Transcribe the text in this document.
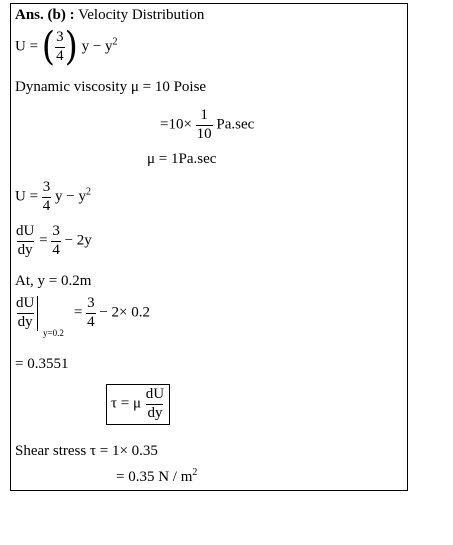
Ans. (b) : Velocity Distribution
U = ( $\frac{3}{4}$ ) $y - y^2$
Dynamic viscosity μ = 10 Poise
$=10\times \frac{1}{10} Pa.\sec$
μ = 1Pa.sec
$U = \frac{3}{4}$ $y - y^2$
$\frac{dU}{dy} = \frac{3}{4} - 2y$
At, y = 0.2m
$\frac{dU}{dy}$
y=0.2
= $\frac{3}{4} - 2\times 0.2$
= 0.3551
τ = μ $\frac{dU}{dy}$
Shear stress τ = 1× 0.35
= 0.35 N / $m^2$
